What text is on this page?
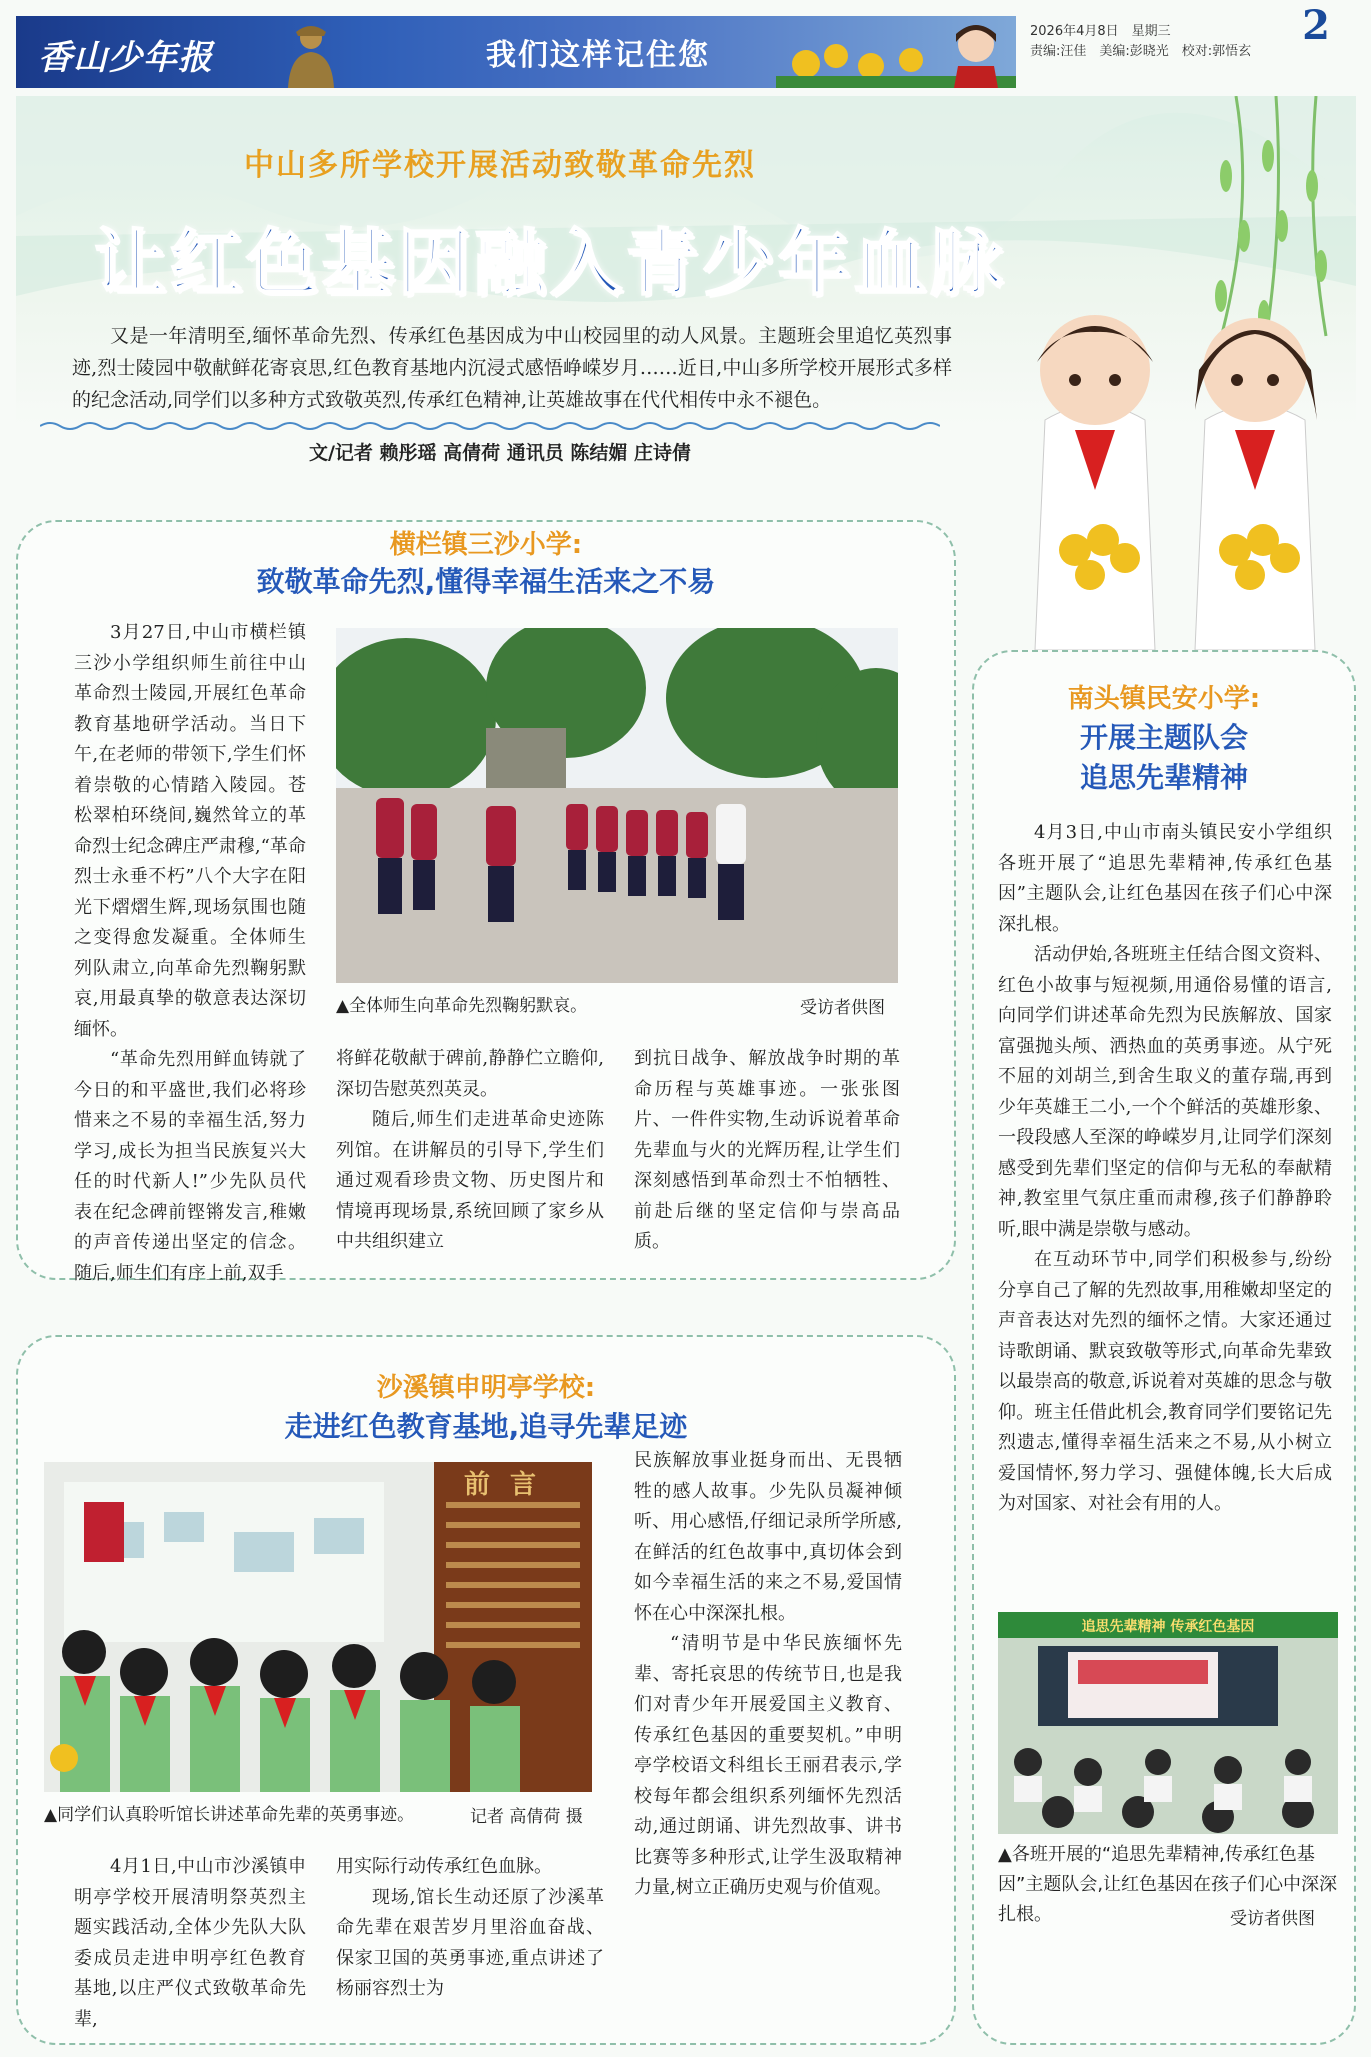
香山少年报	我们这样记住您
2026年4月8日　星期三
责编:汪佳　美编:彭晓光　校对:郭悟玄
2
中山多所学校开展活动致敬革命先烈
让红色基因融入青少年血脉
又是一年清明至,缅怀革命先烈、传承红色基因成为中山校园里的动人风景。主题班会里追忆英烈事迹,烈士陵园中敬献鲜花寄哀思,红色教育基地内沉浸式感悟峥嵘岁月……近日,中山多所学校开展形式多样的纪念活动,同学们以多种方式致敬英烈,传承红色精神,让英雄故事在代代相传中永不褪色。
文/记者 赖彤瑶 高倩荷 通讯员 陈结媚 庄诗倩
横栏镇三沙小学:
致敬革命先烈,懂得幸福生活来之不易

3月27日,中山市横栏镇三沙小学组织师生前往中山革命烈士陵园,开展红色革命教育基地研学活动。当日下午,在老师的带领下,学生们怀着崇敬的心情踏入陵园。苍松翠柏环绕间,巍然耸立的革命烈士纪念碑庄严肃穆,“革命烈士永垂不朽”八个大字在阳光下熠熠生辉,现场氛围也随之变得愈发凝重。全体师生列队肃立,向革命先烈鞠躬默哀,用最真挚的敬意表达深切缅怀。

“革命先烈用鲜血铸就了今日的和平盛世,我们必将珍惜来之不易的幸福生活,努力学习,成长为担当民族复兴大任的时代新人!”少先队员代表在纪念碑前铿锵发言,稚嫩的声音传递出坚定的信念。随后,师生们有序上前,双手

▲全体师生向革命先烈鞠躬默哀。	受访者供图

将鲜花敬献于碑前,静静伫立瞻仰,深切告慰英烈英灵。

随后,师生们走进革命史迹陈列馆。在讲解员的引导下,学生们通过观看珍贵文物、历史图片和情境再现场景,系统回顾了家乡从中共组织建立

到抗日战争、解放战争时期的革命历程与英雄事迹。一张张图片、一件件实物,生动诉说着革命先辈血与火的光辉历程,让学生们深刻感悟到革命烈士不怕牺牲、前赴后继的坚定信仰与崇高品质。

南头镇民安小学:
开展主题队会
追思先辈精神

4月3日,中山市南头镇民安小学组织各班开展了“追思先辈精神,传承红色基因”主题队会,让红色基因在孩子们心中深深扎根。

活动伊始,各班班主任结合图文资料、红色小故事与短视频,用通俗易懂的语言,向同学们讲述革命先烈为民族解放、国家富强抛头颅、洒热血的英勇事迹。从宁死不屈的刘胡兰,到舍生取义的董存瑞,再到少年英雄王二小,一个个鲜活的英雄形象、一段段感人至深的峥嵘岁月,让同学们深刻感受到先辈们坚定的信仰与无私的奉献精神,教室里气氛庄重而肃穆,孩子们静静聆听,眼中满是崇敬与感动。

在互动环节中,同学们积极参与,纷纷分享自己了解的先烈故事,用稚嫩却坚定的声音表达对先烈的缅怀之情。大家还通过诗歌朗诵、默哀致敬等形式,向革命先辈致以最崇高的敬意,诉说着对英雄的思念与敬仰。班主任借此机会,教育同学们要铭记先烈遗志,懂得幸福生活来之不易,从小树立爱国情怀,努力学习、强健体魄,长大后成为对国家、对社会有用的人。

追思先辈精神 传承红色基因
▲各班开展的“追思先辈精神,传承红色基因”主题队会,让红色基因在孩子们心中深深扎根。	受访者供图
沙溪镇申明亭学校:
走进红色教育基地,追寻先辈足迹
前言
▲同学们认真聆听馆长讲述革命先辈的英勇事迹。	记者 高倩荷 摄

4月1日,中山市沙溪镇申明亭学校开展清明祭英烈主题实践活动,全体少先队大队委成员走进申明亭红色教育基地,以庄严仪式致敬革命先辈,

用实际行动传承红色血脉。

现场,馆长生动还原了沙溪革命先辈在艰苦岁月里浴血奋战、保家卫国的英勇事迹,重点讲述了杨丽容烈士为

民族解放事业挺身而出、无畏牺牲的感人故事。少先队员凝神倾听、用心感悟,仔细记录所学所感,在鲜活的红色故事中,真切体会到如今幸福生活的来之不易,爱国情怀在心中深深扎根。

“清明节是中华民族缅怀先辈、寄托哀思的传统节日,也是我们对青少年开展爱国主义教育、传承红色基因的重要契机。”申明亭学校语文科组长王丽君表示,学校每年都会组织系列缅怀先烈活动,通过朗诵、讲先烈故事、讲书比赛等多种形式,让学生汲取精神力量,树立正确历史观与价值观。
